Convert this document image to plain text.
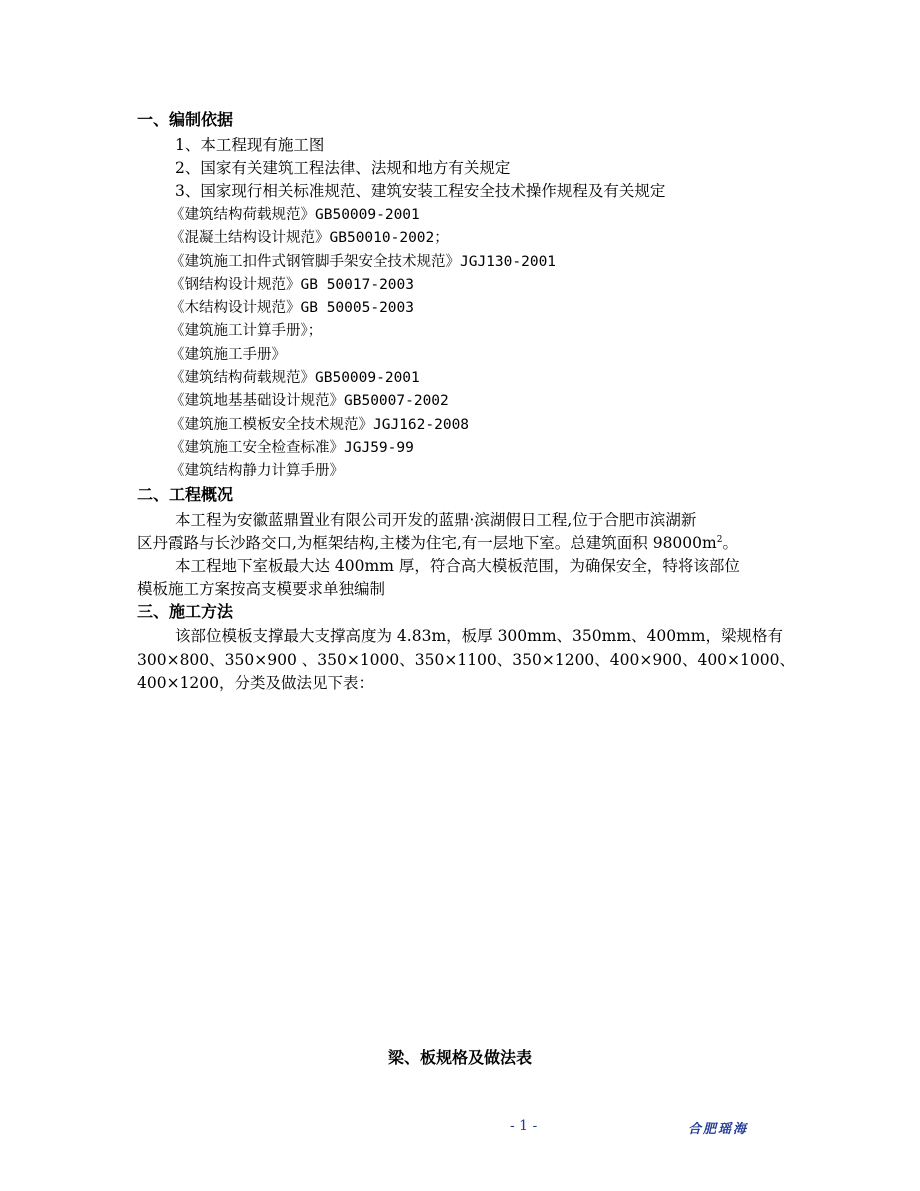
一、编制依据
1、本工程现有施工图
2、国家有关建筑工程法律、法规和地方有关规定
3、国家现行相关标准规范、建筑安装工程安全技术操作规程及有关规定
《建筑结构荷载规范》GB50009-2001
《混凝土结构设计规范》GB50010-2002；
《建筑施工扣件式钢管脚手架安全技术规范》JGJ130-2001
《钢结构设计规范》GB 50017-2003
《木结构设计规范》GB 50005-2003
《建筑施工计算手册》；
《建筑施工手册》
《建筑结构荷载规范》GB50009-2001
《建筑地基基础设计规范》GB50007-2002
《建筑施工模板安全技术规范》JGJ162-2008
《建筑施工安全检查标准》JGJ59-99
《建筑结构静力计算手册》
二、工程概况
本工程为安徽蓝鼎置业有限公司开发的蓝鼎·滨湖假日工程,位于合肥市滨湖新
区丹霞路与长沙路交口,为框架结构,主楼为住宅,有一层地下室。总建筑面积 $98000m^2$。
本工程地下室板最大达 400mm 厚，符合高大模板范围，为确保安全，特将该部位
模板施工方案按高支模要求单独编制
三、施工方法
该部位模板支撑最大支撑高度为 4.83m，板厚 300mm、350mm、400mm，梁规格有
300×800、350×900 、350×1000、350×1100、350×1200、400×900、400×1000、
400×1200，分类及做法见下表：
梁、板规格及做法表
- 1 -	合肥瑶海
